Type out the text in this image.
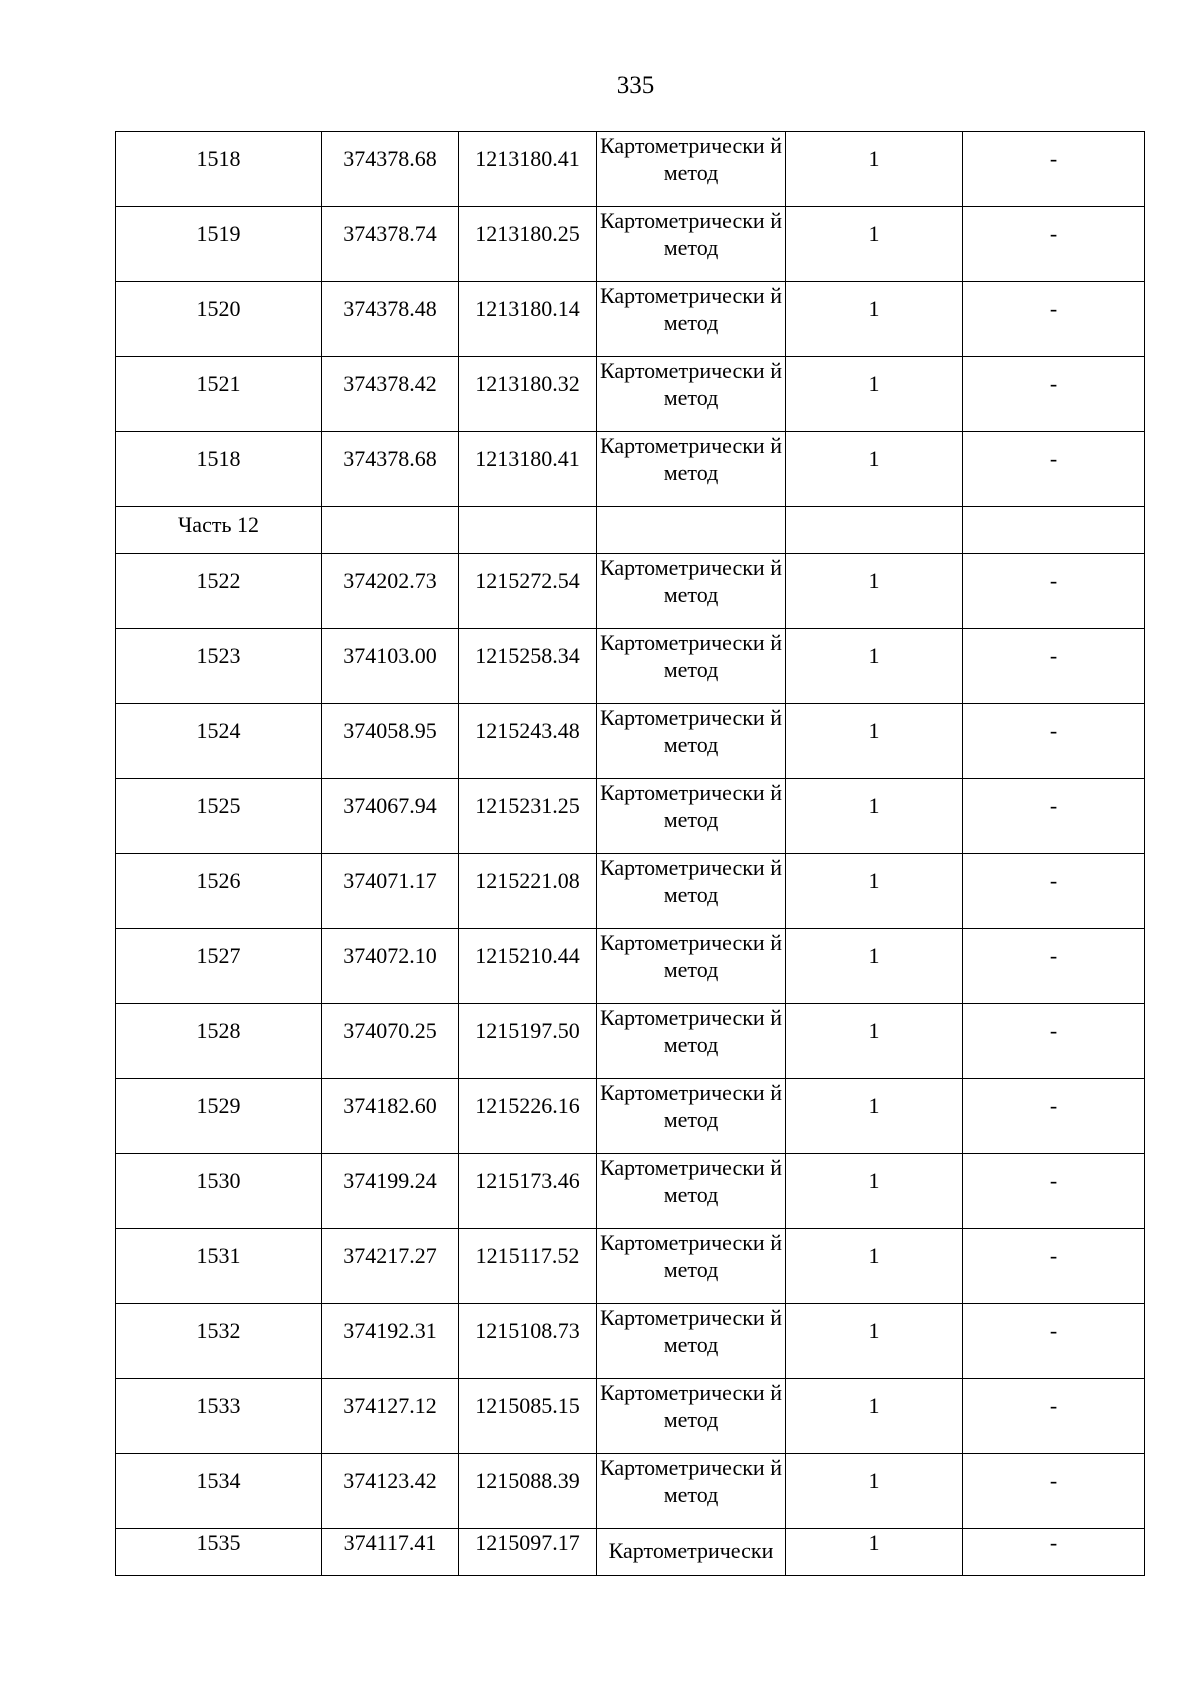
335
1518	374378.68	1213180.41	Картометрически й метод	1	-

1519	374378.74	1213180.25	Картометрически й метод	1	-

1520	374378.48	1213180.14	Картометрически й метод	1	-

1521	374378.42	1213180.32	Картометрически й метод	1	-

1518	374378.68	1213180.41	Картометрически й метод	1	-

Часть 12					

1522	374202.73	1215272.54	Картометрически й метод	1	-

1523	374103.00	1215258.34	Картометрически й метод	1	-

1524	374058.95	1215243.48	Картометрически й метод	1	-

1525	374067.94	1215231.25	Картометрически й метод	1	-

1526	374071.17	1215221.08	Картометрически й метод	1	-

1527	374072.10	1215210.44	Картометрически й метод	1	-

1528	374070.25	1215197.50	Картометрически й метод	1	-

1529	374182.60	1215226.16	Картометрически й метод	1	-

1530	374199.24	1215173.46	Картометрически й метод	1	-

1531	374217.27	1215117.52	Картометрически й метод	1	-

1532	374192.31	1215108.73	Картометрически й метод	1	-

1533	374127.12	1215085.15	Картометрически й метод	1	-

1534	374123.42	1215088.39	Картометрически й метод	1	-

1535	374117.41	1215097.17	Картометрически	1	-
